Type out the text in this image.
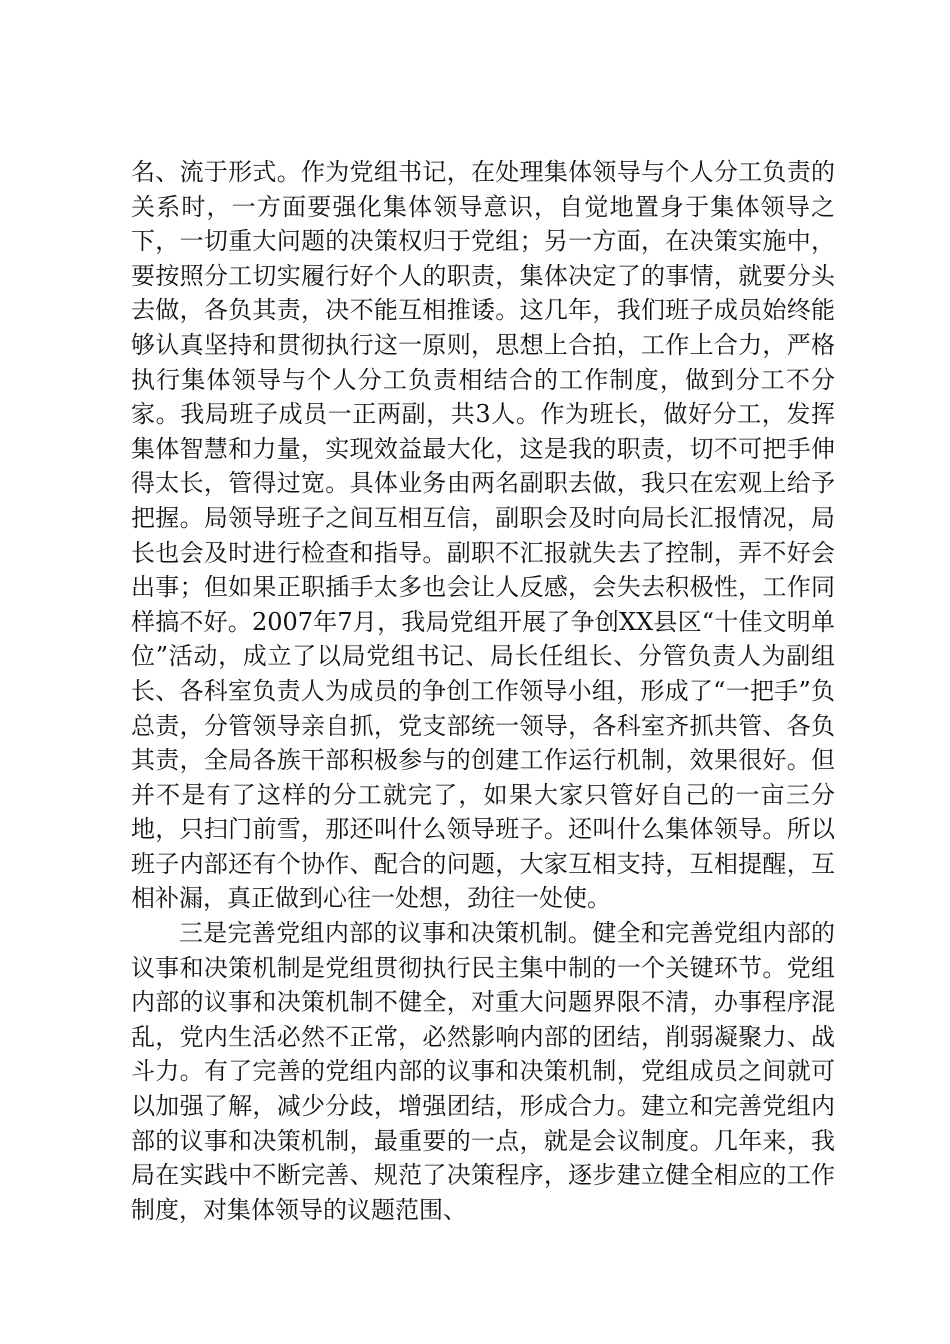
名、流于形式。作为党组书记，在处理集体领导与个人分工负责的关系时，一方面要强化集体领导意识，自觉地置身于集体领导之下，一切重大问题的决策权归于党组；另一方面，在决策实施中，要按照分工切实履行好个人的职责，集体决定了的事情，就要分头去做，各负其责，决不能互相推诿。这几年，我们班子成员始终能够认真坚持和贯彻执行这一原则，思想上合拍，工作上合力，严格执行集体领导与个人分工负责相结合的工作制度，做到分工不分家。我局班子成员一正两副，共3人。作为班长，做好分工，发挥集体智慧和力量，实现效益最大化，这是我的职责，切不可把手伸得太长，管得过宽。具体业务由两名副职去做，我只在宏观上给予把握。局领导班子之间互相互信，副职会及时向局长汇报情况，局长也会及时进行检查和指导。副职不汇报就失去了控制，弄不好会出事；但如果正职插手太多也会让人反感，会失去积极性，工作同样搞不好。2007年7月，我局党组开展了争创XX县区“十佳文明单位”活动，成立了以局党组书记、局长任组长、分管负责人为副组长、各科室负责人为成员的争创工作领导小组，形成了“一把手”负总责，分管领导亲自抓，党支部统一领导，各科室齐抓共管、各负其责，全局各族干部积极参与的创建工作运行机制，效果很好。但并不是有了这样的分工就完了，如果大家只管好自己的一亩三分地，只扫门前雪，那还叫什么领导班子。还叫什么集体领导。所以班子内部还有个协作、配合的问题，大家互相支持，互相提醒，互相补漏，真正做到心往一处想，劲往一处使。

三是完善党组内部的议事和决策机制。健全和完善党组内部的议事和决策机制是党组贯彻执行民主集中制的一个关键环节。党组内部的议事和决策机制不健全，对重大问题界限不清，办事程序混乱，党内生活必然不正常，必然影响内部的团结，削弱凝聚力、战斗力。有了完善的党组内部的议事和决策机制，党组成员之间就可以加强了解，减少分歧，增强团结，形成合力。建立和完善党组内部的议事和决策机制，最重要的一点，就是会议制度。几年来，我局在实践中不断完善、规范了决策程序，逐步建立健全相应的工作制度，对集体领导的议题范围、
